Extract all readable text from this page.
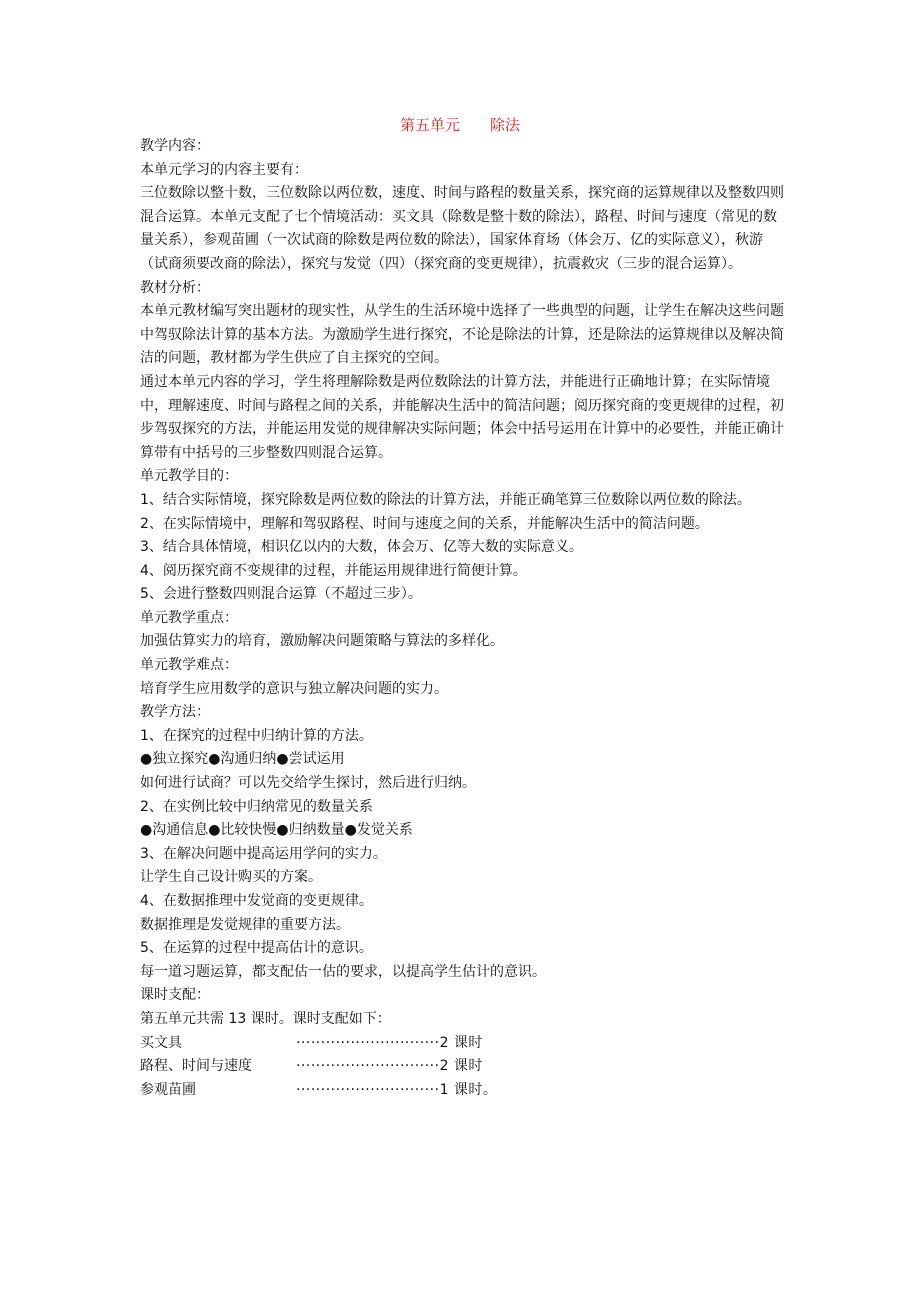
第五单元　　除法

教学内容：

本单元学习的内容主要有：

三位数除以整十数，三位数除以两位数，速度、时间与路程的数量关系，探究商的运算规律以及整数四则混合运算。本单元支配了七个情境活动：买文具（除数是整十数的除法），路程、时间与速度（常见的数量关系），参观苗圃（一次试商的除数是两位数的除法），国家体育场（体会万、亿的实际意义），秋游（试商须要改商的除法），探究与发觉（四）（探究商的变更规律），抗震救灾（三步的混合运算）。

教材分析：

本单元教材编写突出题材的现实性，从学生的生活环境中选择了一些典型的问题，让学生在解决这些问题中驾驭除法计算的基本方法。为激励学生进行探究，不论是除法的计算，还是除法的运算规律以及解决简洁的问题，教材都为学生供应了自主探究的空间。

通过本单元内容的学习，学生将理解除数是两位数除法的计算方法，并能进行正确地计算；在实际情境中，理解速度、时间与路程之间的关系，并能解决生活中的简洁问题；阅历探究商的变更规律的过程，初步驾驭探究的方法，并能运用发觉的规律解决实际问题；体会中括号运用在计算中的必要性，并能正确计算带有中括号的三步整数四则混合运算。

单元教学目的：

1、结合实际情境，探究除数是两位数的除法的计算方法，并能正确笔算三位数除以两位数的除法。

2、在实际情境中，理解和驾驭路程、时间与速度之间的关系，并能解决生活中的简洁问题。

3、结合具体情境，相识亿以内的大数，体会万、亿等大数的实际意义。

4、阅历探究商不变规律的过程，并能运用规律进行简便计算。

5、会进行整数四则混合运算（不超过三步）。

单元教学重点：

加强估算实力的培育，激励解决问题策略与算法的多样化。

单元教学难点：

培育学生应用数学的意识与独立解决问题的实力。

教学方法：

1、在探究的过程中归纳计算的方法。

●独立探究●沟通归纳●尝试运用

如何进行试商？可以先交给学生探讨，然后进行归纳。

2、在实例比较中归纳常见的数量关系

●沟通信息●比较快慢●归纳数量●发觉关系

3、在解决问题中提高运用学问的实力。

让学生自己设计购买的方案。

4、在数据推理中发觉商的变更规律。

数据推理是发觉规律的重要方法。

5、在运算的过程中提高估计的意识。

每一道习题运算，都支配估一估的要求，以提高学生估计的意识。

课时支配：

第五单元共需 13 课时。课时支配如下：

买文具	·····························2 课时
路程、时间与速度	·····························2 课时
参观苗圃	·····························1 课时。
